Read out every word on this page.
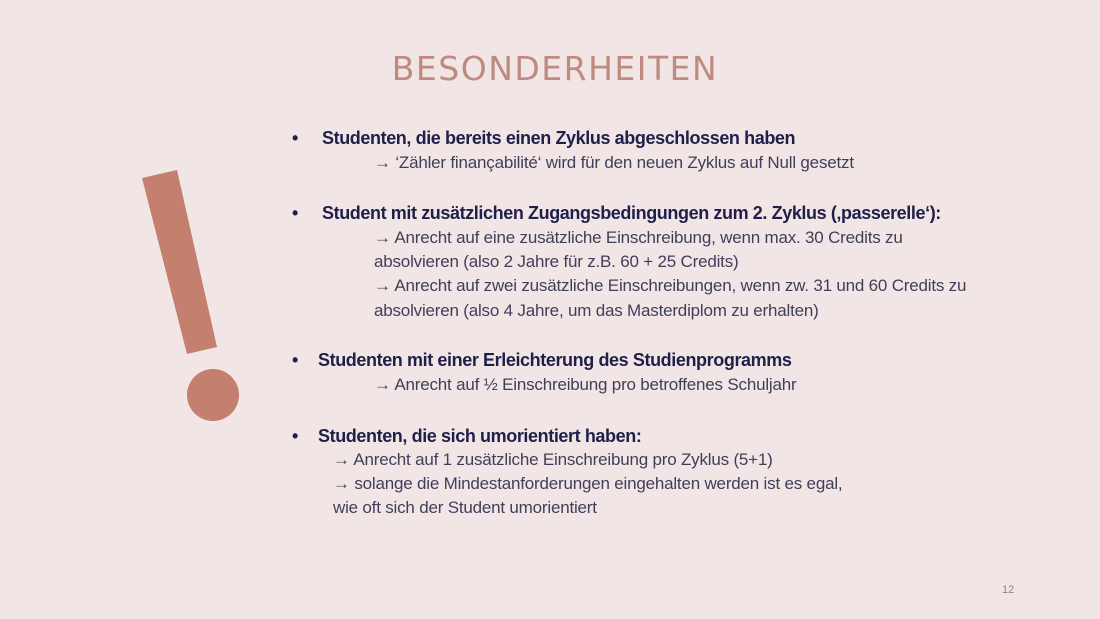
BESONDERHEITEN
• Studenten, die bereits einen Zyklus abgeschlossen haben
→ ‘Zähler finançabilité‘ wird für den neuen Zyklus auf Null gesetzt
• Student mit zusätzlichen Zugangsbedingungen zum 2. Zyklus (‚passerelle‘):
→ Anrecht auf eine zusätzliche Einschreibung, wenn max. 30 Credits zu
absolvieren (also 2 Jahre für z.B. 60 + 25 Credits)
→ Anrecht auf zwei zusätzliche Einschreibungen, wenn zw. 31 und 60 Credits zu
absolvieren (also 4 Jahre, um das Masterdiplom zu erhalten)
• Studenten mit einer Erleichterung des Studienprogramms
→ Anrecht auf ½ Einschreibung pro betroffenes Schuljahr
• Studenten, die sich umorientiert haben:
→ Anrecht auf 1 zusätzliche Einschreibung pro Zyklus (5+1)
→ solange die Mindestanforderungen eingehalten werden ist es egal,
wie oft sich der Student umorientiert
12
